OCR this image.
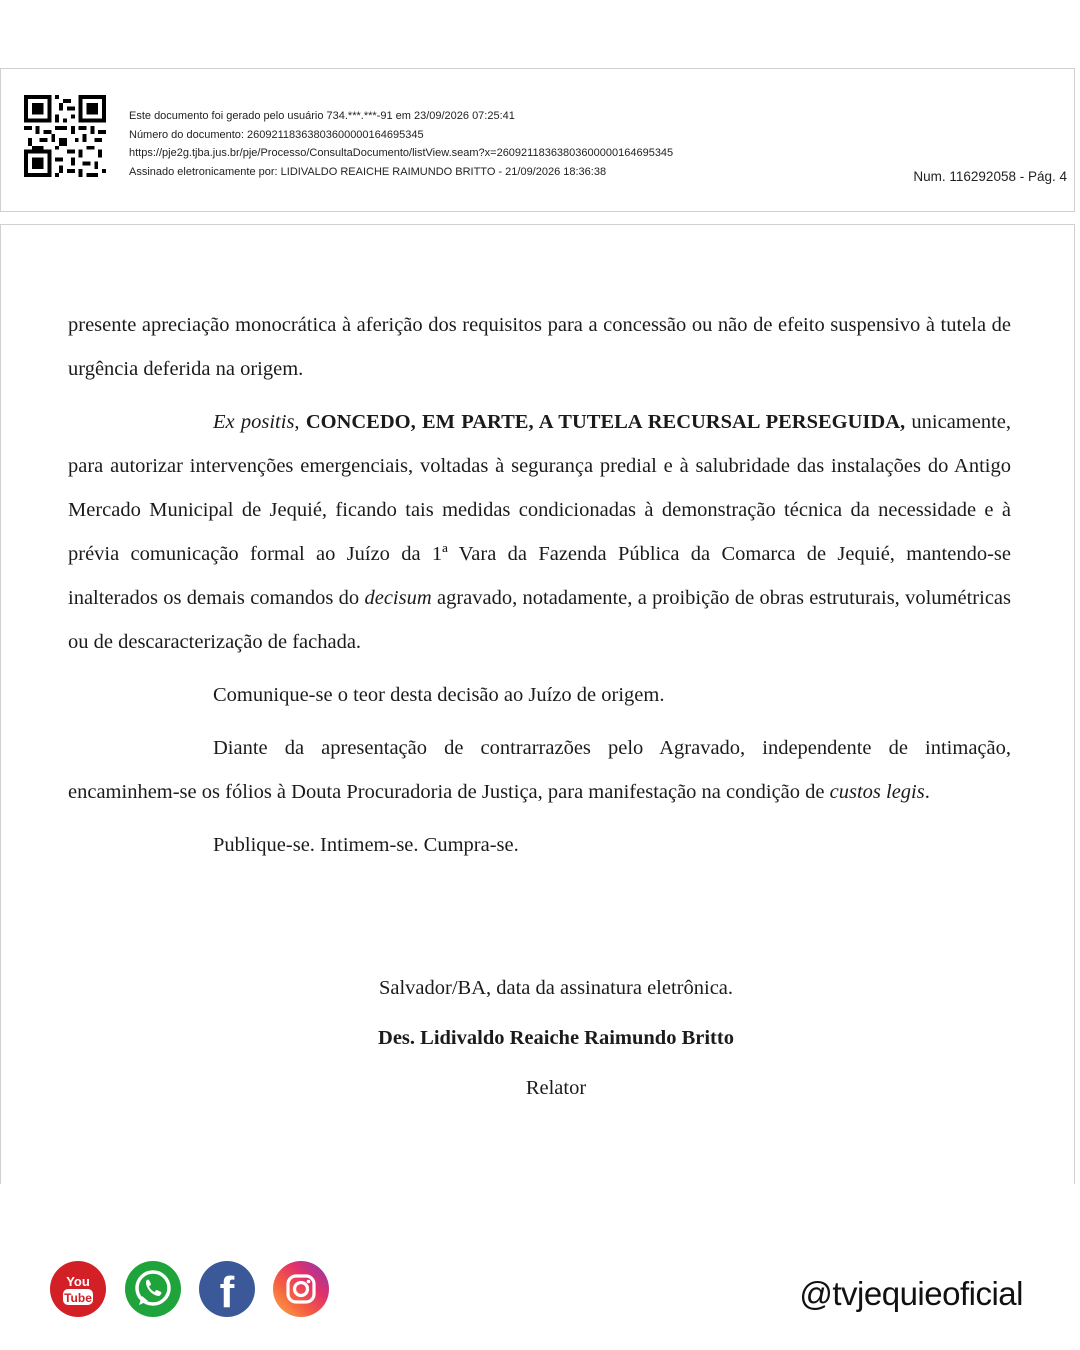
Este documento foi gerado pelo usuário 734.***.***-91 em 23/09/2026 07:25:41
Número do documento: 26092118363803600000164695345
https://pje2g.tjba.jus.br/pje/Processo/ConsultaDocumento/listView.seam?x=26092118363803600000164695345
Assinado eletronicamente por: LIDIVALDO REAICHE RAIMUNDO BRITTO - 21/09/2026 18:36:38	Num. 116292058 - Pág. 4

presente apreciação monocrática à aferição dos requisitos para a concessão ou não de efeito suspensivo à tutela de urgência deferida na origem.

Ex positis, CONCEDO, EM PARTE, A TUTELA RECURSAL PERSEGUIDA, unicamente, para autorizar intervenções emergenciais, voltadas à segurança predial e à salubridade das instalações do Antigo Mercado Municipal de Jequié, ficando tais medidas condicionadas à demonstração técnica da necessidade e à prévia comunicação formal ao Juízo da 1ª Vara da Fazenda Pública da Comarca de Jequié, mantendo-se inalterados os demais comandos do decisum agravado, notadamente, a proibição de obras estruturais, volumétricas ou de descaracterização de fachada.

Comunique-se o teor desta decisão ao Juízo de origem.

Diante da apresentação de contrarrazões pelo Agravado, independente de intimação, encaminhem-se os fólios à Douta Procuradoria de Justiça, para manifestação na condição de custos legis.

Publique-se. Intimem-se. Cumpra-se.

Salvador/BA, data da assinatura eletrônica.
Des. Lidivaldo Reaiche Raimundo Britto
Relator
You
Tube	f	@tvjequieoficial
